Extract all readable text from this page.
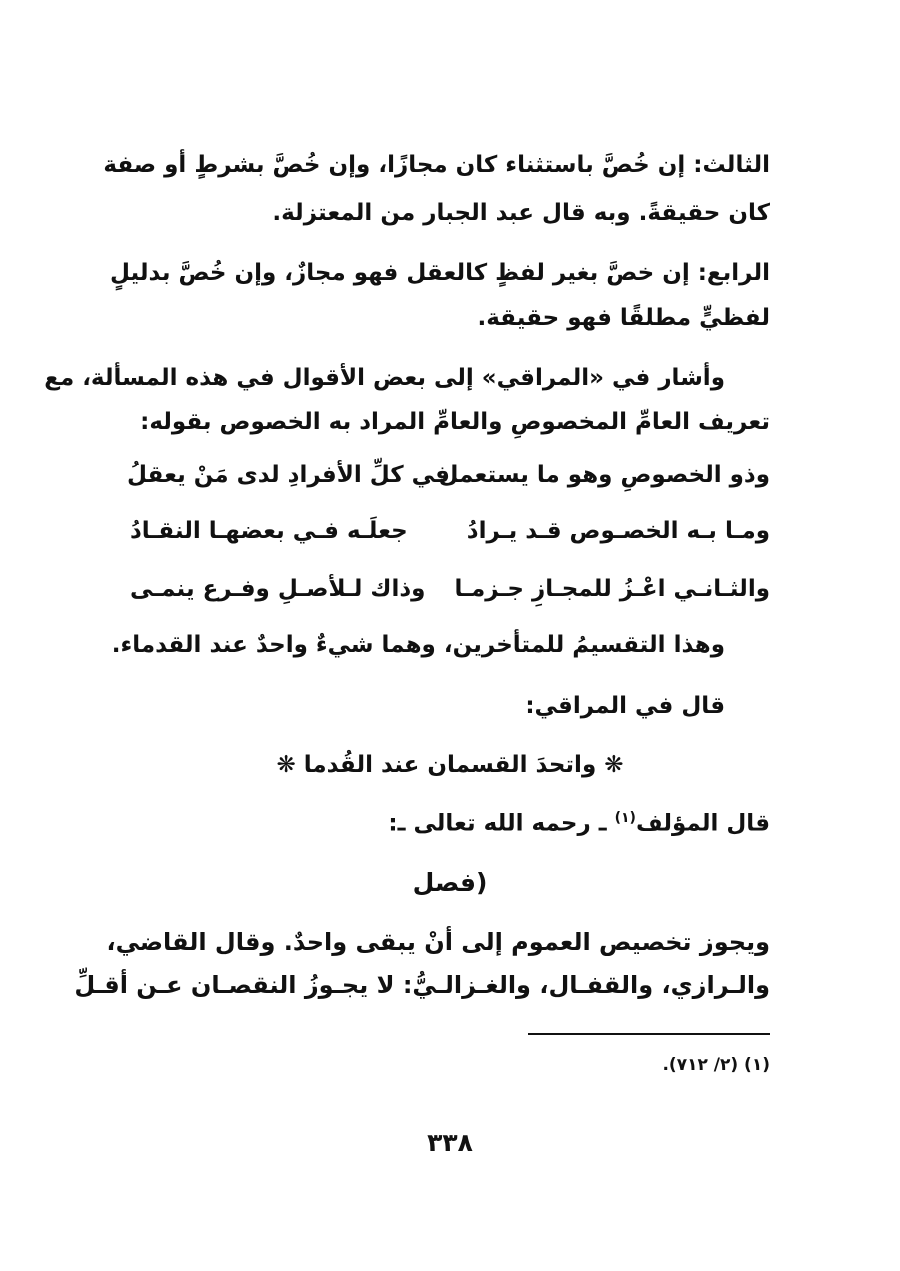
الثالث: إن خُصَّ باستثناء كان مجازًا، وإن خُصَّ بشرطٍ أو صفة
كان حقيقةً. وبه قال عبد الجبار من المعتزلة.
الرابع: إن خصَّ بغير لفظٍ كالعقل فهو مجازٌ، وإن خُصَّ بدليلٍ
لفظيٍّ مطلقًا فهو حقيقة.
وأشار في «المراقي» إلى بعض الأقوال في هذه المسألة، مع
تعريف العامِّ المخصوصِ والعامِّ المراد به الخصوص بقوله:
وذو الخصوصِ وهو ما يستعمل
في كلِّ الأفرادِ لدى مَنْ يعقلُ
ومـا بـه الخصـوص قـد يـرادُ
جعلَـه فـي بعضهـا النقـادُ
والثـانـي اعْـزُ للمجـازِ جـزمـا
وذاك لـلأصـلِ وفـرع ينمـى
وهذا التقسيمُ للمتأخرين، وهما شيءٌ واحدٌ عند القدماء.
قال في المراقي:
❋ واتحدَ القسمان عند القُدما ❋
قال المؤلف$^{(١)}$ ـ رحمه الله تعالى ـ:
(فصل
ويجوز تخصيص العموم إلى أنْ يبقى واحدٌ. وقال القاضي،
والـرازي، والقفـال، والغـزالـيُّ: لا يجـوزُ النقصـان عـن أقـلِّ
(١) (٢/ ٧١٢).
٣٣٨
